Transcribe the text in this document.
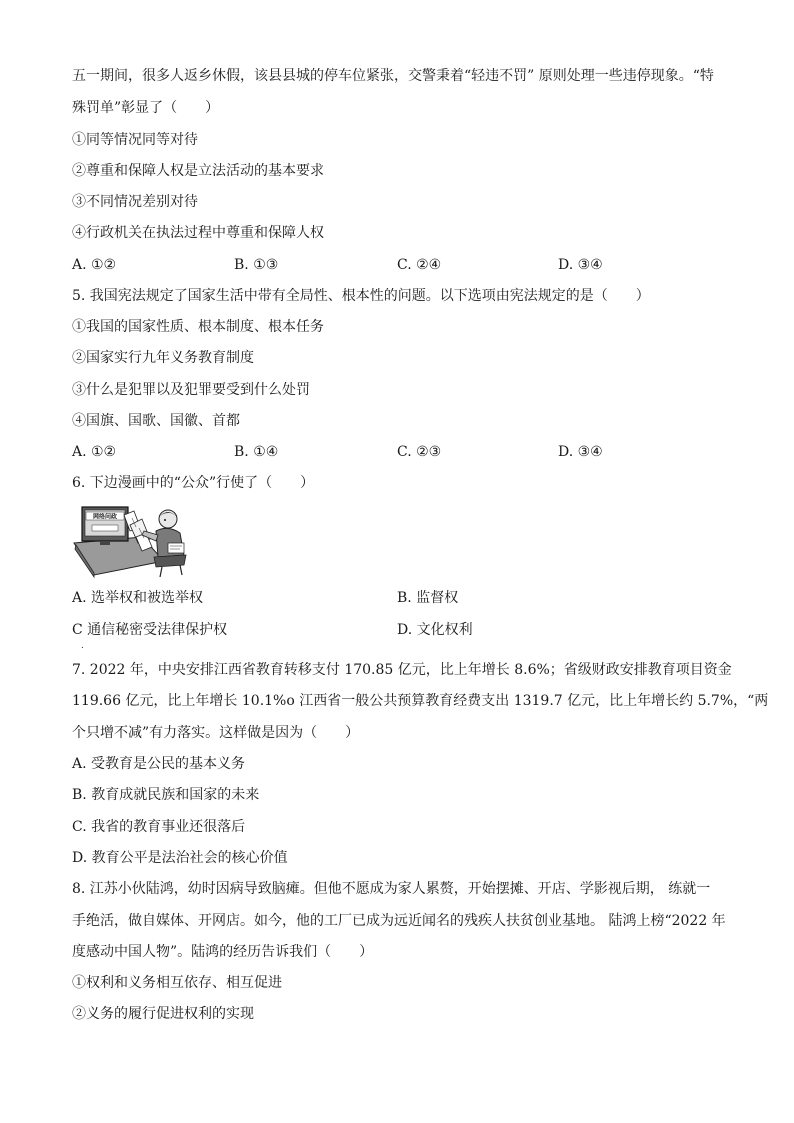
五一期间，很多人返乡休假，该县县城的停车位紧张，交警秉着“轻违不罚” 原则处理一些违停现象。“特
殊罚单”彰显了（　　）
①同等情况同等对待
②尊重和保障人权是立法活动的基本要求
③不同情况差别对待
④行政机关在执法过程中尊重和保障人权
A. ①②	B. ①③	C. ②④	D. ③④
5. 我国宪法规定了国家生活中带有全局性、根本性的问题。以下选项由宪法规定的是（　　）
①我国的国家性质、根本制度、根本任务
②国家实行九年义务教育制度
③什么是犯罪以及犯罪要受到什么处罚
④国旗、国歌、国徽、首都
A. ①②	B. ①④	C. ②③	D. ③④
6. 下边漫画中的“公众”行使了（　　）
网络问政
A. 选举权和被选举权	B. 监督权
C 通信秘密受法律保护权	D. 文化权利
.
7. 2022 年，中央安排江西省教育转移支付 170.85 亿元，比上年增长 8.6%；省级财政安排教育项目资金
119.66 亿元，比上年增长 10.1%o 江西省一般公共预算教育经费支出 1319.7 亿元，比上年增长约 5.7%，“两
个只增不减”有力落实。这样做是因为（　　）
A. 受教育是公民的基本义务
B. 教育成就民族和国家的未来
C. 我省的教育事业还很落后
D. 教育公平是法治社会的核心价值
8. 江苏小伙陆鸿，幼时因病导致脑瘫。但他不愿成为家人累赘，开始摆摊、开店、学影视后期， 练就一
手绝活，做自媒体、开网店。如今，他的工厂已成为远近闻名的残疾人扶贫创业基地。 陆鸿上榜“2022 年
度感动中国人物”。陆鸿的经历告诉我们（　　）
①权利和义务相互依存、相互促进
②义务的履行促进权利的实现
